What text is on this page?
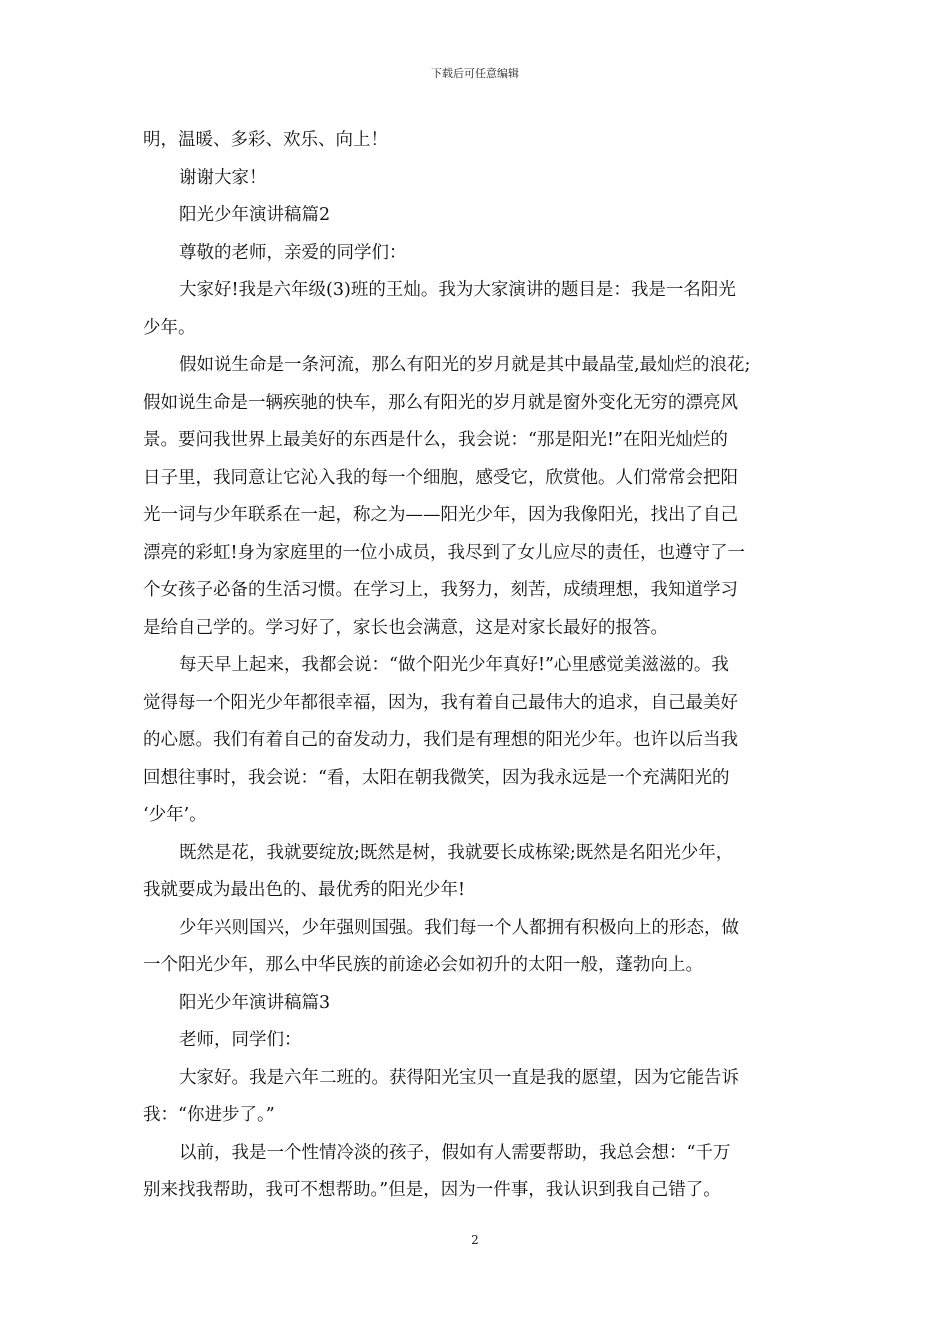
下载后可任意编辑
明，温暖、多彩、欢乐、向上！
谢谢大家！
阳光少年演讲稿篇2
尊敬的老师，亲爱的同学们：
大家好!我是六年级(3)班的王灿。我为大家演讲的题目是：我是一名阳光
少年。
假如说生命是一条河流，那么有阳光的岁月就是其中最晶莹,最灿烂的浪花;
假如说生命是一辆疾驰的快车，那么有阳光的岁月就是窗外变化无穷的漂亮风
景。要问我世界上最美好的东西是什么，我会说：“那是阳光!”在阳光灿烂的
日子里，我同意让它沁入我的每一个细胞，感受它，欣赏他。人们常常会把阳
光一词与少年联系在一起，称之为——阳光少年，因为我像阳光，找出了自己
漂亮的彩虹!身为家庭里的一位小成员，我尽到了女儿应尽的责任，也遵守了一
个女孩子必备的生活习惯。在学习上，我努力，刻苦，成绩理想，我知道学习
是给自己学的。学习好了，家长也会满意，这是对家长最好的报答。
每天早上起来，我都会说：“做个阳光少年真好!”心里感觉美滋滋的。我
觉得每一个阳光少年都很幸福，因为，我有着自己最伟大的追求，自己最美好
的心愿。我们有着自己的奋发动力，我们是有理想的阳光少年。也许以后当我
回想往事时，我会说：“看，太阳在朝我微笑，因为我永远是一个充满阳光的
‘少年’。
既然是花，我就要绽放;既然是树，我就要长成栋梁;既然是名阳光少年，
我就要成为最出色的、最优秀的阳光少年!
少年兴则国兴，少年强则国强。我们每一个人都拥有积极向上的形态，做
一个阳光少年，那么中华民族的前途必会如初升的太阳一般，蓬勃向上。
阳光少年演讲稿篇3
老师，同学们：
大家好。我是六年二班的。获得阳光宝贝一直是我的愿望，因为它能告诉
我：“你进步了。”
以前，我是一个性情冷淡的孩子，假如有人需要帮助，我总会想：“千万
别来找我帮助，我可不想帮助。”但是，因为一件事，我认识到我自己错了。
2
